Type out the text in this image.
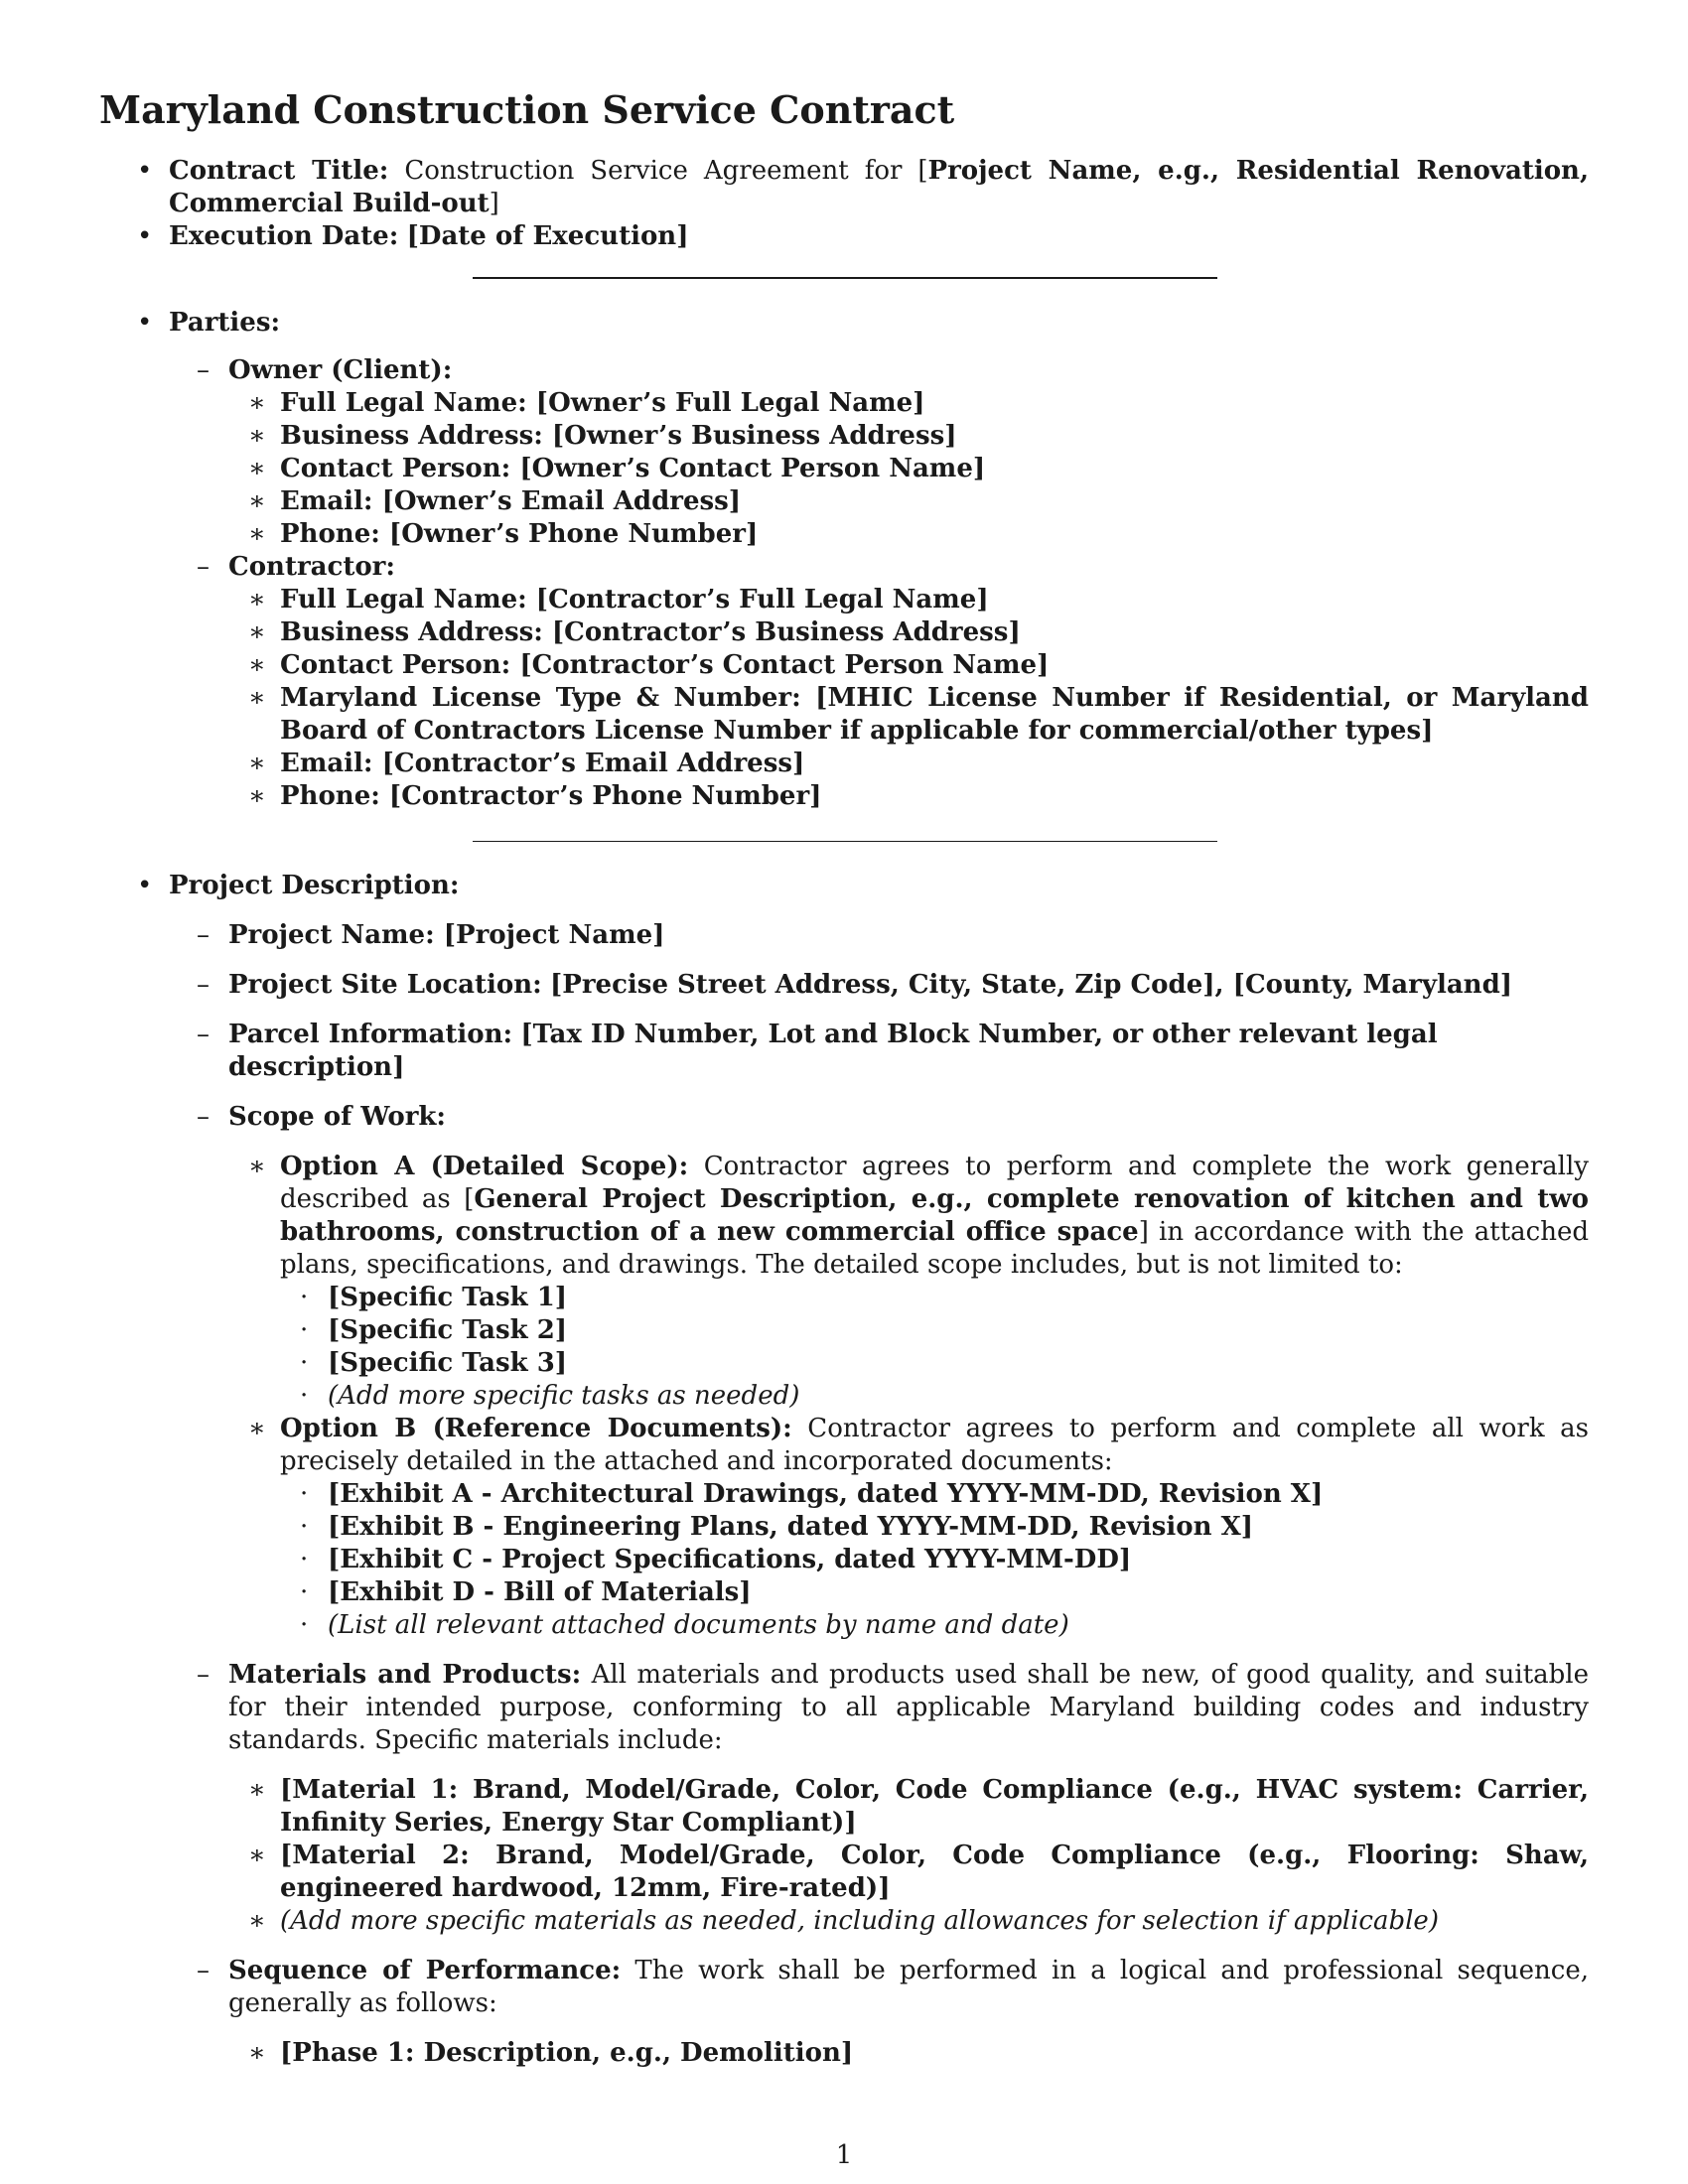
Maryland Construction Service Contract
• Contract Title: Construction Service Agreement for [Project Name, e.g., Residential Renovation, Commercial Build-out]
• Execution Date: [Date of Execution]
• Parties:
– Owner (Client):
∗ Full Legal Name: [Owner’s Full Legal Name]
∗ Business Address: [Owner’s Business Address]
∗ Contact Person: [Owner’s Contact Person Name]
∗ Email: [Owner’s Email Address]
∗ Phone: [Owner’s Phone Number]
– Contractor:
∗ Full Legal Name: [Contractor’s Full Legal Name]
∗ Business Address: [Contractor’s Business Address]
∗ Contact Person: [Contractor’s Contact Person Name]
∗ Maryland License Type & Number: [MHIC License Number if Residential, or Maryland Board of Contractors License Number if applicable for commercial/other types]
∗ Email: [Contractor’s Email Address]
∗ Phone: [Contractor’s Phone Number]
• Project Description:
– Project Name: [Project Name]
– Project Site Location: [Precise Street Address, City, State, Zip Code], [County, Maryland]
– Parcel Information: [Tax ID Number, Lot and Block Number, or other relevant legal description]
– Scope of Work:
∗ Option A (Detailed Scope): Contractor agrees to perform and complete the work generally described as [General Project Description, e.g., complete renovation of kitchen and two bathrooms, construction of a new commercial office space] in accordance with the attached plans, specifications, and drawings. The detailed scope includes, but is not limited to:
· [Specific Task 1]
· [Specific Task 2]
· [Specific Task 3]
· (Add more specific tasks as needed)
∗ Option B (Reference Documents): Contractor agrees to perform and complete all work as precisely detailed in the attached and incorporated documents:
· [Exhibit A - Architectural Drawings, dated YYYY-MM-DD, Revision X]
· [Exhibit B - Engineering Plans, dated YYYY-MM-DD, Revision X]
· [Exhibit C - Project Specifications, dated YYYY-MM-DD]
· [Exhibit D - Bill of Materials]
· (List all relevant attached documents by name and date)
– Materials and Products: All materials and products used shall be new, of good quality, and suitable for their intended purpose, conforming to all applicable Maryland building codes and industry standards. Specific materials include:
∗ [Material 1: Brand, Model/Grade, Color, Code Compliance (e.g., HVAC system: Carrier, Infinity Series, Energy Star Compliant)]
∗ [Material 2: Brand, Model/Grade, Color, Code Compliance (e.g., Flooring: Shaw, engineered hardwood, 12mm, Fire-rated)]
∗ (Add more specific materials as needed, including allowances for selection if applicable)
– Sequence of Performance: The work shall be performed in a logical and professional sequence, generally as follows:
∗ [Phase 1: Description, e.g., Demolition]
1
